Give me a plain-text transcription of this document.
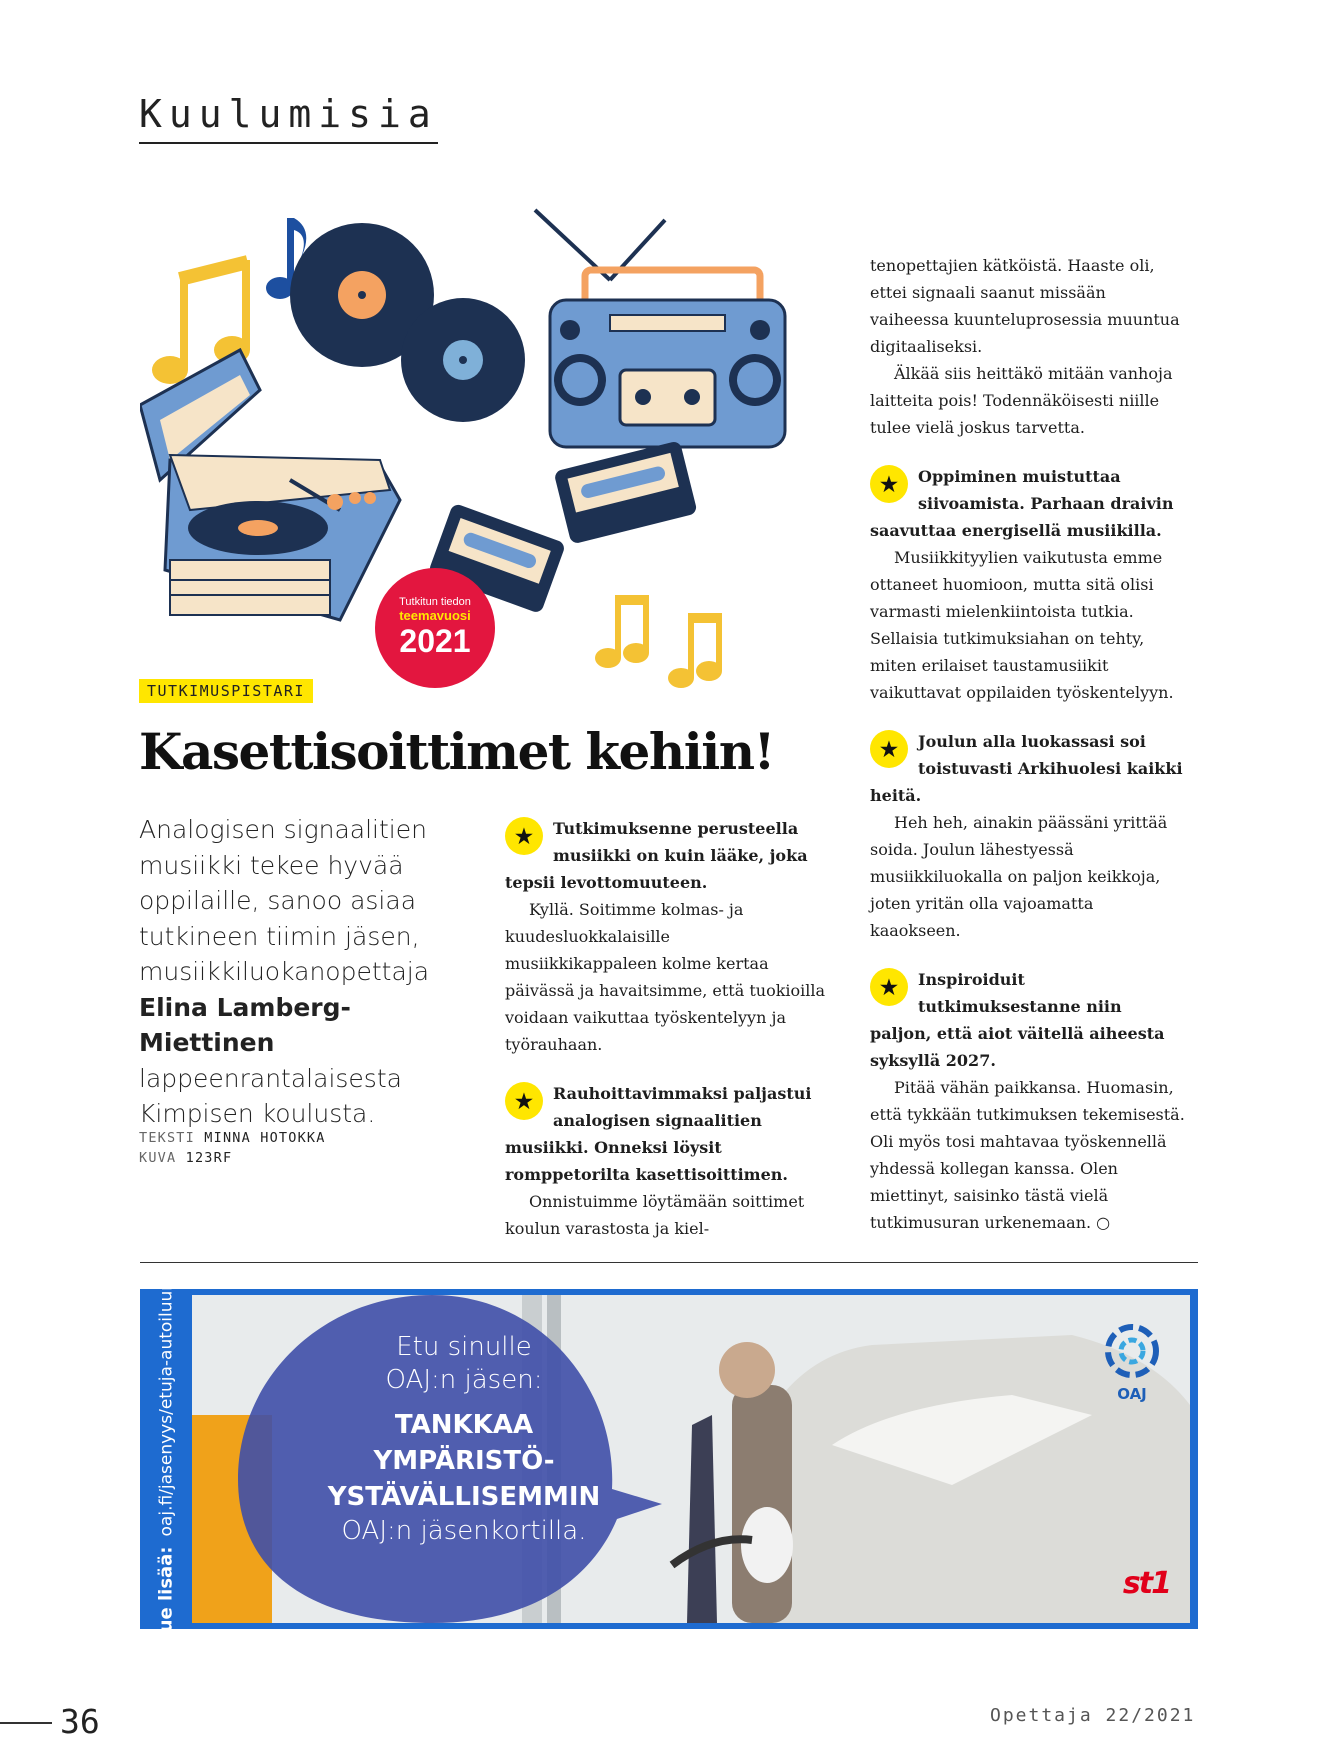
Kuulumisia
Tutkitun tiedon
teemavuosi
2021
TUTKIMUSPISTARI
Kasettisoittimet kehiin!
Analogisen signaalitien musiikki tekee hyvää oppilaille, sanoo asiaa tutkineen tiimin jäsen, musiikkiluokanopettaja Elina Lamberg-Miettinen lappeenrantalaisesta Kimpisen koulusta.
TEKSTI MINNA HOTOKKA
KUVA 123RF

★	Tutkimuksenne perusteella musiikki on kuin lääke, joka tepsii levottomuuteen.

Kyllä. Soitimme kolmas- ja kuudesluokkalaisille musiikkikappaleen kolme kertaa päivässä ja havaitsimme, että tuokioilla voidaan vaikuttaa työskentelyyn ja työrauhaan.

★	Rauhoittavimmaksi paljastui analogisen signaalitien musiikki. Onneksi löysit romppetorilta kasettisoittimen.

Onnistuimme löytämään soittimet koulun varastosta ja kiel-

tenopettajien kätköistä. Haaste oli, ettei signaali saanut missään vaiheessa kuunteluprosessia muuntua digitaaliseksi.

Älkää siis heittäkö mitään vanhoja laitteita pois! Todennäköisesti niille tulee vielä joskus tarvetta.

★	Oppiminen muistuttaa siivoamista. Parhaan draivin saavuttaa energisellä musiikilla.

Musiikkityylien vaikutusta emme ottaneet huomioon, mutta sitä olisi varmasti mielenkiintoista tutkia. Sellaisia tutkimuksiahan on tehty, miten erilaiset taustamusiikit vaikuttavat oppilaiden työskentelyyn.

★	Joulun alla luokassasi soi toistuvasti Arkihuolesi kaikki heitä.

Heh heh, ainakin päässäni yrittää soida. Joulun lähestyessä musiikkiluokalla on paljon keikkoja, joten yritän olla vajoamatta kaaokseen.

★	Inspiroiduit tutkimuksestanne niin paljon, että aiot väitellä aiheesta syksyllä 2027.

Pitää vähän paikkansa. Huomasin, että tykkään tutkimuksen tekemisestä. Oli myös tosi mahtavaa työskennellä yhdessä kollegan kanssa. Olen miettinyt, saisinko tästä vielä tutkimusuran urkenemaan. ○

Lue lisää:oaj.fi/jasenyys/etuja-autoiluun/	Etu sinulle
OAJ:n jäsen:
TANKKAA
YMPÄRISTÖ-
YSTÄVÄLLISEMMIN
OAJ:n jäsenkortilla.
OAJ
st1
36	Opettaja 22/2021
